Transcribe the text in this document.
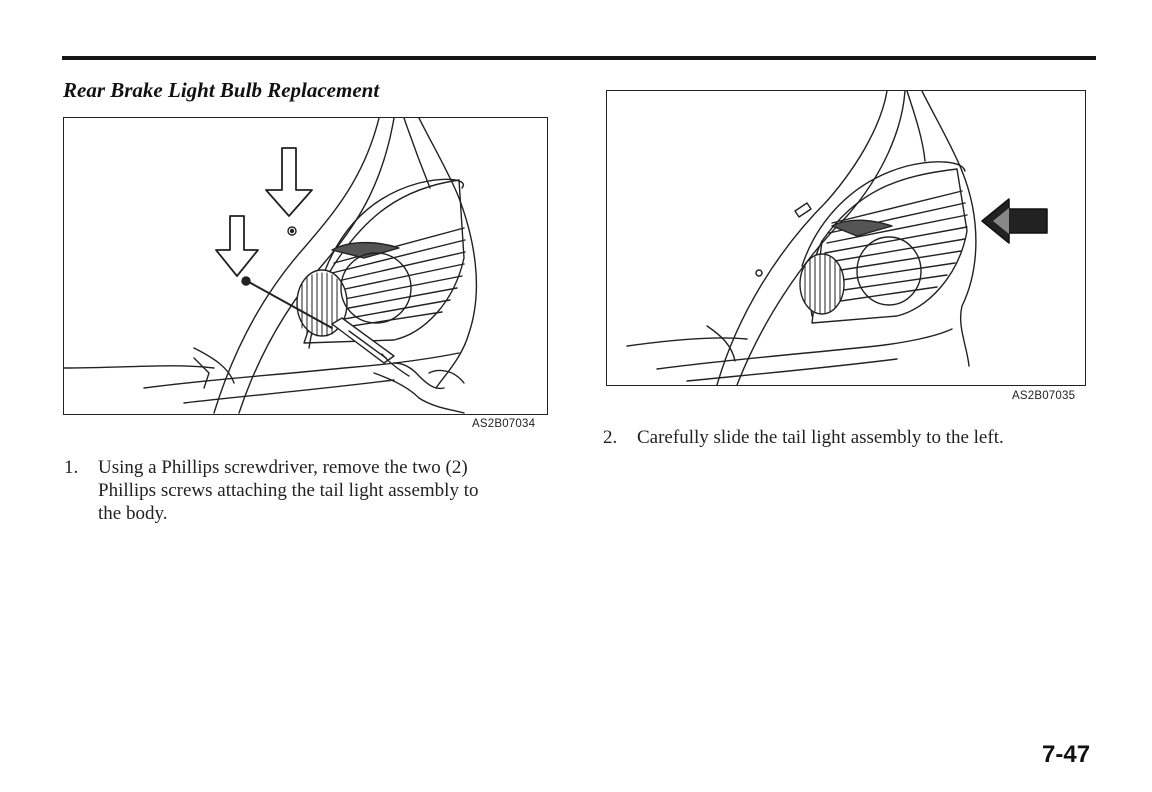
Rear Brake Light Bulb Replacement
AS2B07034
AS2B07035
1. Using a Phillips screwdriver, remove the two (2)
Phillips screws attaching the tail light assembly to
the body.
2. Carefully slide the tail light assembly to the left.
7-47
